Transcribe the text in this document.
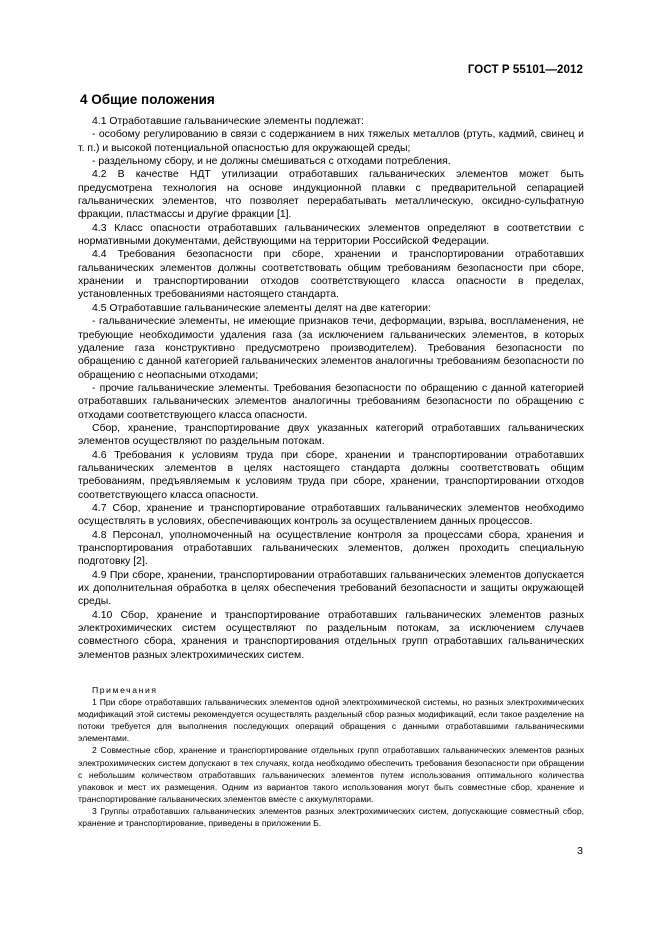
ГОСТ Р 55101—2012
4 Общие положения

4.1 Отработавшие гальванические элементы подлежат:

- особому регулированию в связи с содержанием в них тяжелых металлов (ртуть, кадмий, свинец и т. п.) и высокой потенциальной опасностью для окружающей среды;

- раздельному сбору, и не должны смешиваться с отходами потребления.

4.2 В качестве НДТ утилизации отработавших гальванических элементов может быть предусмотрена технология на основе индукционной плавки с предварительной сепарацией гальванических элементов, что позволяет перерабатывать металлическую, оксидно-сульфатную фракции, пластмассы и другие фракции [1].

4.3 Класс опасности отработавших гальванических элементов определяют в соответствии с нормативными документами, действующими на территории Российской Федерации.

4.4 Требования безопасности при сборе, хранении и транспортировании отработавших гальванических элементов должны соответствовать общим требованиям безопасности при сборе, хранении и транспортировании отходов соответствующего класса опасности в пределах, установленных требованиями настоящего стандарта.

4.5 Отработавшие гальванические элементы делят на две категории:

- гальванические элементы, не имеющие признаков течи, деформации, взрыва, воспламенения, не требующие необходимости удаления газа (за исключением гальванических элементов, в которых удаление газа конструктивно предусмотрено производителем). Требования безопасности по обращению с данной категорией гальванических элементов аналогичны требованиям безопасности по обращению с неопасными отходами;

- прочие гальванические элементы. Требования безопасности по обращению с данной категорией отработавших гальванических элементов аналогичны требованиям безопасности по обращению с отходами соответствующего класса опасности.

Сбор, хранение, транспортирование двух указанных категорий отработавших гальванических элементов осуществляют по раздельным потокам.

4.6 Требования к условиям труда при сборе, хранении и транспортировании отработавших гальванических элементов в целях настоящего стандарта должны соответствовать общим требованиям, предъявляемым к условиям труда при сборе, хранении, транспортировании отходов соответствующего класса опасности.

4.7 Сбор, хранение и транспортирование отработавших гальванических элементов необходимо осуществлять в условиях, обеспечивающих контроль за осуществлением данных процессов.

4.8 Персонал, уполномоченный на осуществление контроля за процессами сбора, хранения и транспортирования отработавших гальванических элементов, должен проходить специальную подготовку [2].

4.9 При сборе, хранении, транспортировании отработавших гальванических элементов допускается их дополнительная обработка в целях обеспечения требований безопасности и защиты окружающей среды.

4.10 Сбор, хранение и транспортирование отработавших гальванических элементов разных электрохимических систем осуществляют по раздельным потокам, за исключением случаев совместного сбора, хранения и транспортирования отдельных групп отработавших гальванических элементов разных электрохимических систем.

Примечания

1 При сборе отработавших гальванических элементов одной электрохимической системы, но разных электрохимических модификаций этой системы рекомендуется осуществлять раздельный сбор разных модификаций, если такое разделение на потоки требуется для выполнения последующих операций обращения с данными отработавшими гальваническими элементами.

2 Совместные сбор, хранение и транспортирование отдельных групп отработавших гальванических элементов разных электрохимических систем допускают в тех случаях, когда необходимо обеспечить требования безопасности при обращении с небольшим количеством отработавших гальванических элементов путем использования оптимального количества упаковок и мест их размещения. Одним из вариантов такого использования могут быть совместные сбор, хранение и транспортирование гальванических элементов вместе с аккумуляторами.

3 Группы отработавших гальванических элементов разных электрохимических систем, допускающие совместный сбор, хранение и транспортирование, приведены в приложении Б.

3
